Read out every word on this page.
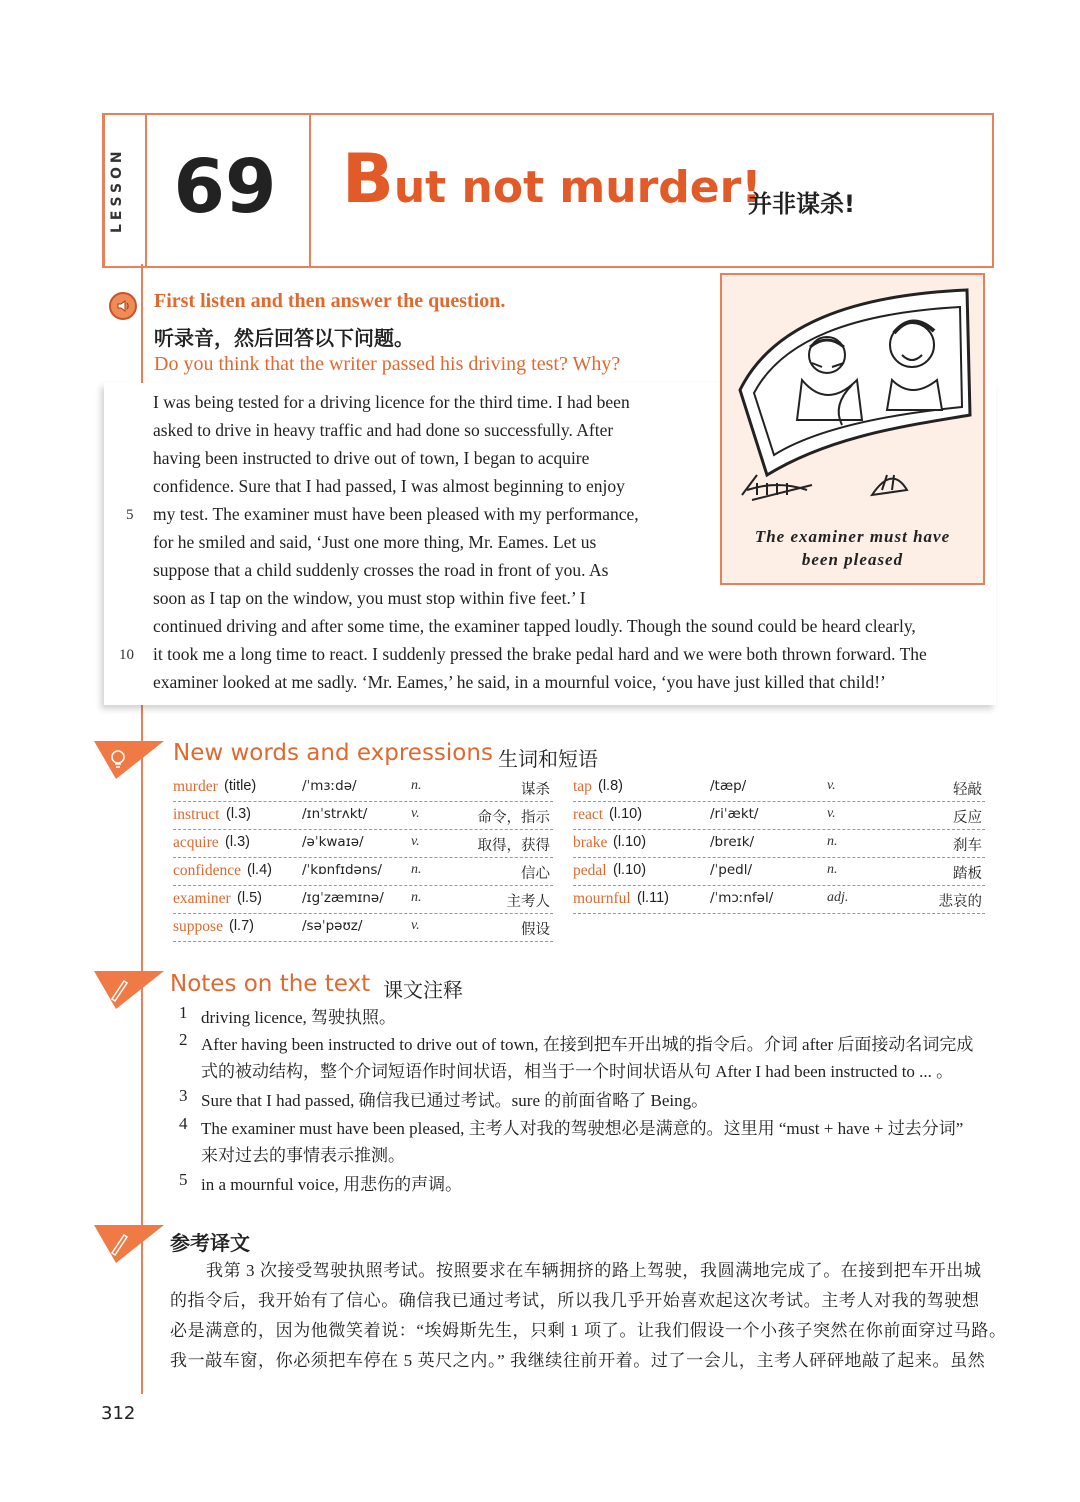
LESSON 69 But not murder!
并非谋杀!
First listen and then answer the question.
听录音，然后回答以下问题。
Do you think that the writer passed his driving test? Why?
The examiner must have
been pleased
I was being tested for a driving licence for the third time. I had been
asked to drive in heavy traffic and had done so successfully. After
having been instructed to drive out of town, I began to acquire
confidence. Sure that I had passed, I was almost beginning to enjoy
my test. The examiner must have been pleased with my performance,
for he smiled and said, ‘Just one more thing, Mr. Eames. Let us
suppose that a child suddenly crosses the road in front of you. As
soon as I tap on the window, you must stop within five feet.’ I
continued driving and after some time, the examiner tapped loudly. Though the sound could be heard clearly,
it took me a long time to react. I suddenly pressed the brake pedal hard and we were both thrown forward. The
examiner looked at me sadly. ‘Mr. Eames,’ he said, in a mournful voice, ‘you have just killed that child!’
5
10
New words and expressions 生词和短语
murder (title)	/ˈmɜːdə/	n.	谋杀
instruct (l.3)	/ɪnˈstrʌkt/	v.	命令，指示
acquire (l.3)	/əˈkwaɪə/	v.	取得，获得
confidence (l.4) /ˈkɒnfɪdəns/ n.	信心
examiner (l.5)	/ɪgˈzæmɪnə/ n.	主考人
suppose (l.7)	/səˈpəʊz/	v.	假设
tap (l.8)	/tæp/	v.	轻敲
react (l.10)	/riˈækt/	v.	反应
brake (l.10)	/breɪk/	n.	刹车
pedal (l.10)	/ˈpedl/	n.	踏板
mournful (l.11)	/ˈmɔːnfəl/	adj.	悲哀的
Notes on the text 课文注释
1 driving licence, 驾驶执照。
2 After having been instructed to drive out of town, 在接到把车开出城的指令后。介词 after 后面接动名词完成
式的被动结构，整个介词短语作时间状语，相当于一个时间状语从句 After I had been instructed to ... 。
3 Sure that I had passed, 确信我已通过考试。sure 的前面省略了 Being。
4 The examiner must have been pleased, 主考人对我的驾驶想必是满意的。这里用 “must + have + 过去分词”
来对过去的事情表示推测。
5 in a mournful voice, 用悲伤的声调。
参考译文
我第 3 次接受驾驶执照考试。按照要求在车辆拥挤的路上驾驶，我圆满地完成了。在接到把车开出城
的指令后，我开始有了信心。确信我已通过考试，所以我几乎开始喜欢起这次考试。主考人对我的驾驶想
必是满意的，因为他微笑着说：“埃姆斯先生，只剩 1 项了。让我们假设一个小孩子突然在你前面穿过马路。
我一敲车窗，你必须把车停在 5 英尺之内。” 我继续往前开着。过了一会儿，主考人砰砰地敲了起来。虽然
312
